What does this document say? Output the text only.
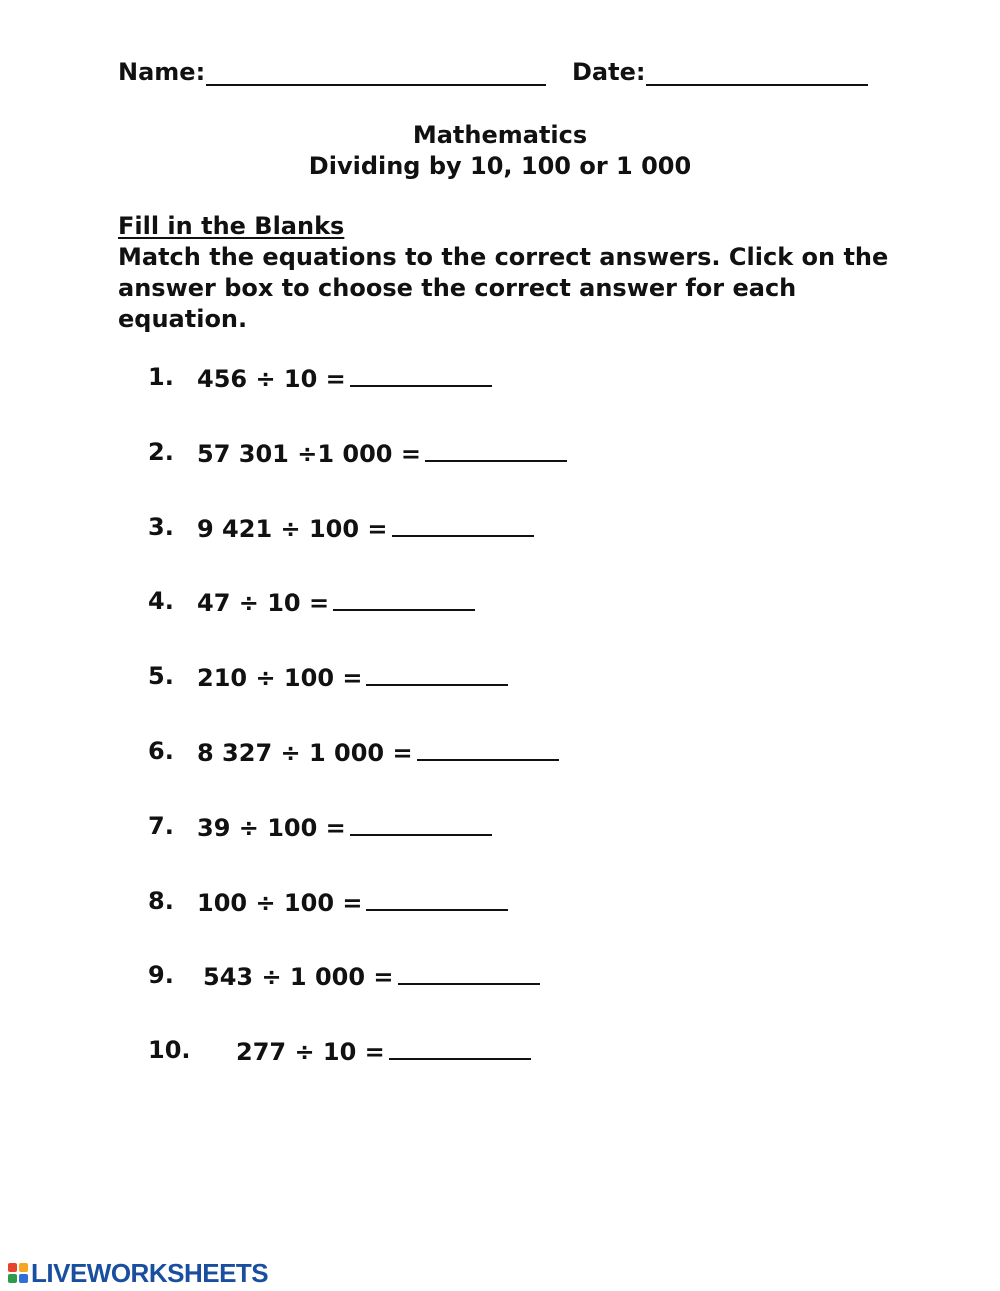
Name:	Date:
Mathematics
Dividing by 10, 100 or 1 000
Fill in the Blanks
Match the equations to the correct answers. Click on the answer box to choose the correct answer for each equation.
1. 456 ÷ 10 =
2. 57 301 ÷1 000 =
3. 9 421 ÷ 100 =
4. 47 ÷ 10 =
5. 210 ÷ 100 =
6. 8 327 ÷ 1 000 =
7. 39 ÷ 100 =
8. 100 ÷ 100 =
9. 543 ÷ 1 000 =
10. 277 ÷ 10 =
LIVEWORKSHEETS
